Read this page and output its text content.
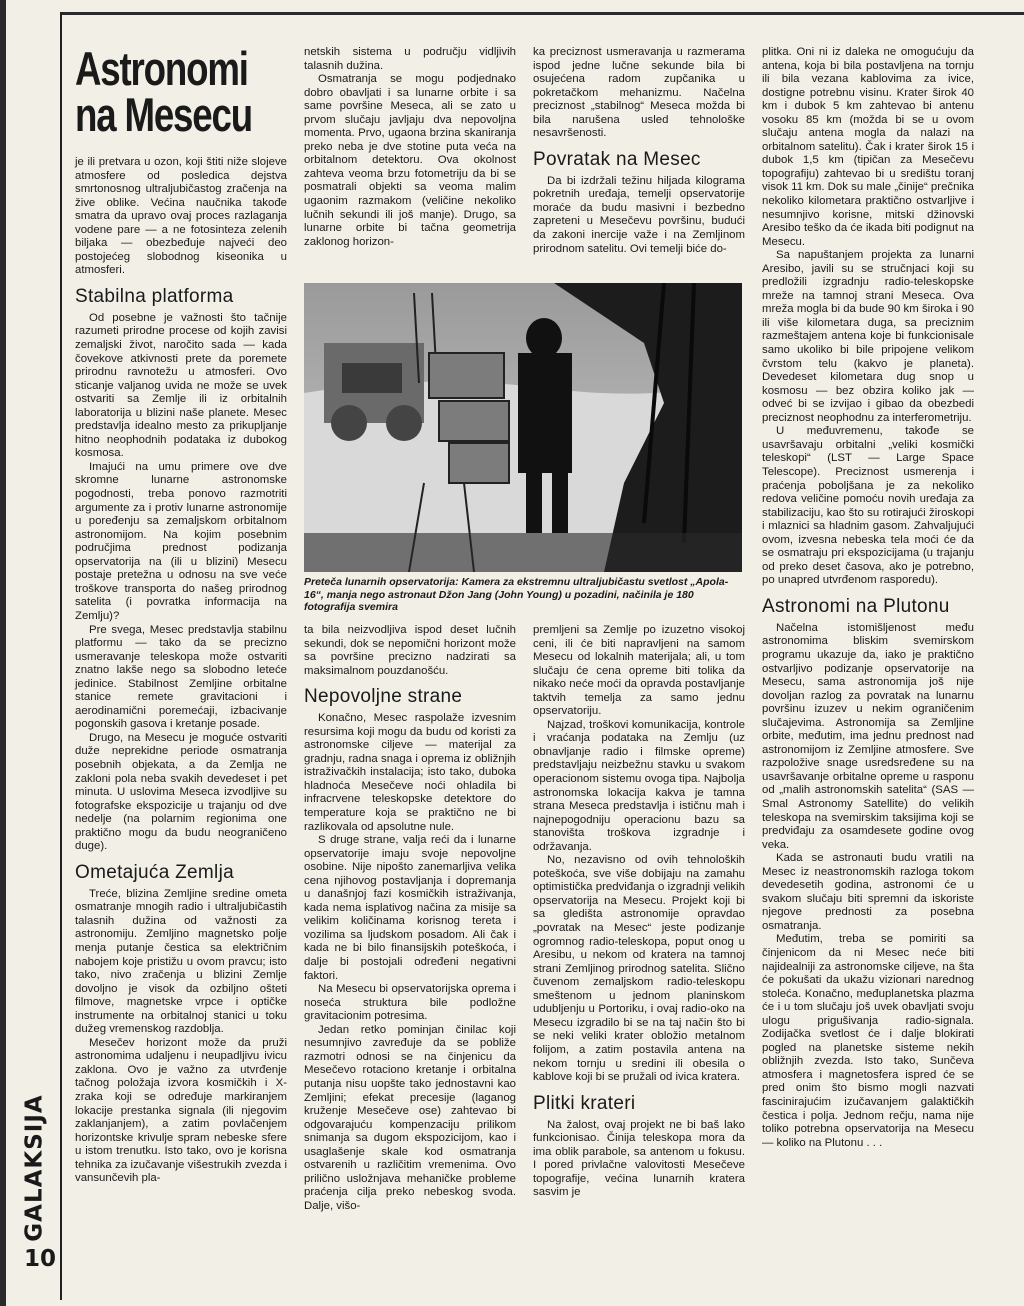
GALAKSIJA
10
Astronomi
na Mesecu

je ili pretvara u ozon, koji štiti niže slojeve atmosfere od posledica dejstva smrtonosnog ultraljubičastog zračenja na žive oblike. Većina naučnika takođe smatra da upravo ovaj proces razlaganja vodene pare — a ne fotosinteza zelenih biljaka — obezbeđuje najveći deo postojećeg slobodnog kiseonika u atmosferi.

Stabilna platforma

Od posebne je važnosti što tačnije razumeti prirodne procese od kojih zavisi zemaljski život, naročito sada — kada čovekove atkivnosti prete da poremete prirodnu ravnotežu u atmosferi. Ovo sticanje valjanog uvida ne može se uvek ostvariti sa Zemlje ili iz orbitalnih laboratorija u blizini naše planete. Mesec predstavlja idealno mesto za prikupljanje hitno neophodnih podataka iz dubokog kosmosa.

Imajući na umu primere ove dve skromne lunarne astronomske pogodnosti, treba ponovo razmotriti argumente za i protiv lunarne astronomije u poređenju sa zemaljskom orbitalnom astronomijom. Na kojim posebnim područjima prednost podizanja opservatorija na (ili u blizini) Mesecu postaje pretežna u odnosu na sve veće troškove transporta do našeg prirodnog satelita (i povratka informacija na Zemlju)?

Pre svega, Mesec predstavlja stabilnu platformu — tako da se precizno usmeravanje teleskopa može ostvariti znatno lakše nego sa slobodno leteće jedinice. Stabilnost Zemljine orbitalne stanice remete gravitacioni i aerodinamični poremećaji, izbacivanje pogonskih gasova i kretanje posade.

Drugo, na Mesecu je moguće ostvariti duže neprekidne periode osmatranja posebnih objekata, a da Zemlja ne zakloni pola neba svakih devedeset i pet minuta. U uslovima Meseca izvodljive su fotografske ekspozicije u trajanju od dve nedelje (na polarnim regionima one praktično mogu da budu neograničeno duge).

Ometajuća Zemlja

Treće, blizina Zemljine sredine ometa osmatranje mnogih radio i ultraljubičastih talasnih dužina od važnosti za astronomiju. Zemljino magnetsko polje menja putanje čestica sa električnim nabojem koje pristižu u ovom pravcu; isto tako, nivo zračenja u blizini Zemlje dovoljno je visok da ozbiljno ošteti filmove, magnetske vrpce i optičke instrumente na orbitalnoj stanici u toku dužeg vremenskog razdoblja.

Mesečev horizont može da pruži astronomima udaljenu i neupadljivu ivicu zaklona. Ovo je važno za utvrđenje tačnog položaja izvora kosmičkih i X-zraka koji se određuje markiranjem lokacije prestanka signala (ili njegovim zaklanjanjem), a zatim povlačenjem horizontske krivulje spram nebeske sfere u istom trenutku. Isto tako, ovo je korisna tehnika za izučavanje višestrukih zvezda i vansunčevih pla-

netskih sistema u području vidljivih talasnih dužina.

Osmatranja se mogu podjednako dobro obavljati i sa lunarne orbite i sa same površine Meseca, ali se zato u prvom slučaju javljaju dva nepovoljna momenta. Prvo, ugaona brzina skaniranja preko neba je dve stotine puta veća na orbitalnom detektoru. Ova okolnost zahteva veoma brzu fotometriju da bi se posmatrali objekti sa veoma malim ugaonim razmakom (veličine nekoliko lučnih sekundi ili još manje). Drugo, sa lunarne orbite bi tačna geometrija zaklonog horizon-

ka preciznost usmeravanja u razmerama ispod jedne lučne sekunde bila bi osujećena radom zupčanika u pokretačkom mehanizmu. Načelna preciznost „stabilnog“ Meseca možda bi bila narušena usled tehnološke nesavršenosti.

Povratak na Mesec

Da bi izdržali težinu hiljada kilograma pokretnih uređaja, temelji opservatorije moraće da budu masivni i bezbedno zapreteni u Mesečevu površinu, budući da zakoni inercije važe i na Zemljinom prirodnom satelitu. Ovi temelji biće do-

plitka. Oni ni iz daleka ne omogućuju da antena, koja bi bila postavljena na tornju ili bila vezana kablovima za ivice, dostigne potrebnu visinu. Krater širok 40 km i dubok 5 km zahtevao bi antenu vosoku 85 km (možda bi se u ovom slučaju antena mogla da nalazi na orbitalnom satelitu). Čak i krater širok 15 i dubok 1,5 km (tipičan za Mesečevu topografiju) zahtevao bi u središtu toranj visok 11 km. Dok su male „činije“ prečnika nekoliko kilometara praktično ostvarljive i nesumnjivo korisne, mitski džinovski Aresibo teško da će ikada biti podignut na Mesecu.

Sa napuštanjem projekta za lunarni Aresibo, javili su se stručnjaci koji su predložili izgradnju radio-teleskopske mreže na tamnoj strani Meseca. Ova mreža mogla bi da bude 90 km široka i 90 ili više kilometara duga, sa preciznim razmeštajem antena koje bi funkcionisale samo ukoliko bi bile pripojene velikom čvrstom telu (kakvo je planeta). Devedeset kilometara dug snop u kosmosu — bez obzira koliko jak — odveć bi se izvijao i gibao da obezbedi preciznost neophodnu za interferometriju.

U međuvremenu, takođe se usavršavaju orbitalni „veliki kosmički teleskopi“ (LST — Large Space Telescope). Preciznost usmerenja i praćenja poboljšana je za nekoliko redova veličine pomoću novih uređaja za stabilizaciju, kao što su rotirajući žiroskopi i mlaznici sa hladnim gasom. Zahvaljujući ovom, izvesna nebeska tela moći će da se osmatraju pri ekspozicijama (u trajanju od preko deset časova, ako je potrebno, po unapred utvrđenom rasporedu).

Astronomi na Plutonu

Načelna istomišljenost među astronomima bliskim svemirskom programu ukazuje da, iako je praktično ostvarljivo podizanje opservatorije na Mesecu, sama astronomija još nije dovoljan razlog za povratak na lunarnu površinu izuzev u nekim ograničenim slučajevima. Astronomija sa Zemljine orbite, međutim, ima jednu prednost nad astronomijom iz Zemljine atmosfere. Sve razpoložive snage usredsređene su na usavršavanje orbitalne opreme u rasponu od „malih astronomskih satelita“ (SAS — Smal Astronomy Satellite) do velikih teleskopa na svemirskim taksijima koji se predviđaju za osamdesete godine ovog veka.

Kada se astronauti budu vratili na Mesec iz neastronomskih razloga tokom devedesetih godina, astronomi će u svakom slučaju biti spremni da iskoriste njegove prednosti za posebna osmatranja.

Međutim, treba se pomiriti sa činjenicom da ni Mesec neće biti najidealniji za astronomske ciljeve, na šta će pokušati da ukažu vizionari narednog stoleća. Konačno, međuplanetska plazma će i u tom slučaju još uvek obavljati svoju ulogu prigušivanja radio-signala. Zodijačka svetlost će i dalje blokirati pogled na planetske sisteme nekih obližnjih zvezda. Isto tako, Sunčeva atmosfera i magnetosfera ispred će se pred onim što bismo mogli nazvati fascinirajućim izučavanjem galaktičkih čestica i polja. Jednom rečju, nama nije toliko potrebna opservatorija na Mesecu — koliko na Plutonu . . .

Preteča lunarnih opservatorija: Kamera za ekstremnu ultraljubičastu svetlost „Apola-16“, manja nego astronaut Džon Jang (John Young) u pozadini, načinila je 180 fotografija svemira

ta bila neizvodljiva ispod deset lučnih sekundi, dok se nepomični horizont može sa površine precizno nadzirati sa maksimalnom pouzdanošću.

Nepovoljne strane

Konačno, Mesec raspolaže izvesnim resursima koji mogu da budu od koristi za astronomske ciljeve — materijal za gradnju, radna snaga i oprema iz obližnjih istraživačkih instalacija; isto tako, duboka hladnoća Mesečeve noći ohladila bi infracrvene teleskopske detektore do temperature koja se praktično ne bi razlikovala od apsolutne nule.

S druge strane, valja reći da i lunarne opservatorije imaju svoje nepovoljne osobine. Nije nipošto zanemarljiva velika cena njihovog postavljanja i dopremanja u današnjoj fazi kosmičkih istraživanja, kada nema isplativog načina za misije sa velikim količinama korisnog tereta i vozilima sa ljudskom posadom. Ali čak i kada ne bi bilo finansijskih poteškoća, i dalje bi postojali određeni negativni faktori.

Na Mesecu bi opservatorijska oprema i noseća struktura bile podložne gravitacionim potresima.

Jedan retko pominjan činilac koji nesumnjivo zavređuje da se pobliže razmotri odnosi se na činjenicu da Mesečevo rotaciono kretanje i orbitalna putanja nisu uopšte tako jednostavni kao Zemljini; efekat precesije (laganog kruženje Mesečeve ose) zahtevao bi odgovarajuću kompenzaciju prilikom snimanja sa dugom ekspozicijom, kao i usaglašenje skale kod osmatranja ostvarenih u različitim vremenima. Ovo prilično usložnjava mehaničke probleme praćenja cilja preko nebeskog svoda. Dalje, višo-

premljeni sa Zemlje po izuzetno visokoj ceni, ili će biti napravljeni na samom Mesecu od lokalnih materijala; ali, u tom slučaju će cena opreme biti tolika da nikako neće moći da opravda postavljanje taktvih temelja za samo jednu opservatoriju.

Najzad, troškovi komunikacija, kontrole i vraćanja podataka na Zemlju (uz obnavljanje radio i filmske opreme) predstavljaju neizbežnu stavku u svakom operacionom sistemu ovoga tipa. Najbolja astronomska lokacija kakva je tamna strana Meseca predstavlja i ističnu mah i najnepogodniju operacionu bazu sa stanovišta troškova izgradnje i održavanja.

No, nezavisno od ovih tehnoloških poteškoća, sve više dobijaju na zamahu optimistička predviđanja o izgradnji velikih opservatorija na Mesecu. Projekt koji bi sa gledišta astronomije opravdao „povratak na Mesec“ jeste podizanje ogromnog radio-teleskopa, poput onog u Aresibu, u nekom od kratera na tamnoj strani Zemljinog prirodnog satelita. Slično čuvenom zemaljskom radio-teleskopu smeštenom u jednom planinskom udubljenju u Portoriku, i ovaj radio-oko na Mesecu izgradilo bi se na taj način što bi se neki veliki krater obložio metalnom folijom, a zatim postavila antena na nekom tornju u sredini ili obesila o kablove koji bi se pružali od ivica kratera.

Plitki krateri

Na žalost, ovaj projekt ne bi baš lako funkcionisao. Činija teleskopa mora da ima oblik parabole, sa antenom u fokusu. I pored privlačne valovitosti Mesečeve topografije, većina lunarnih kratera sasvim je
